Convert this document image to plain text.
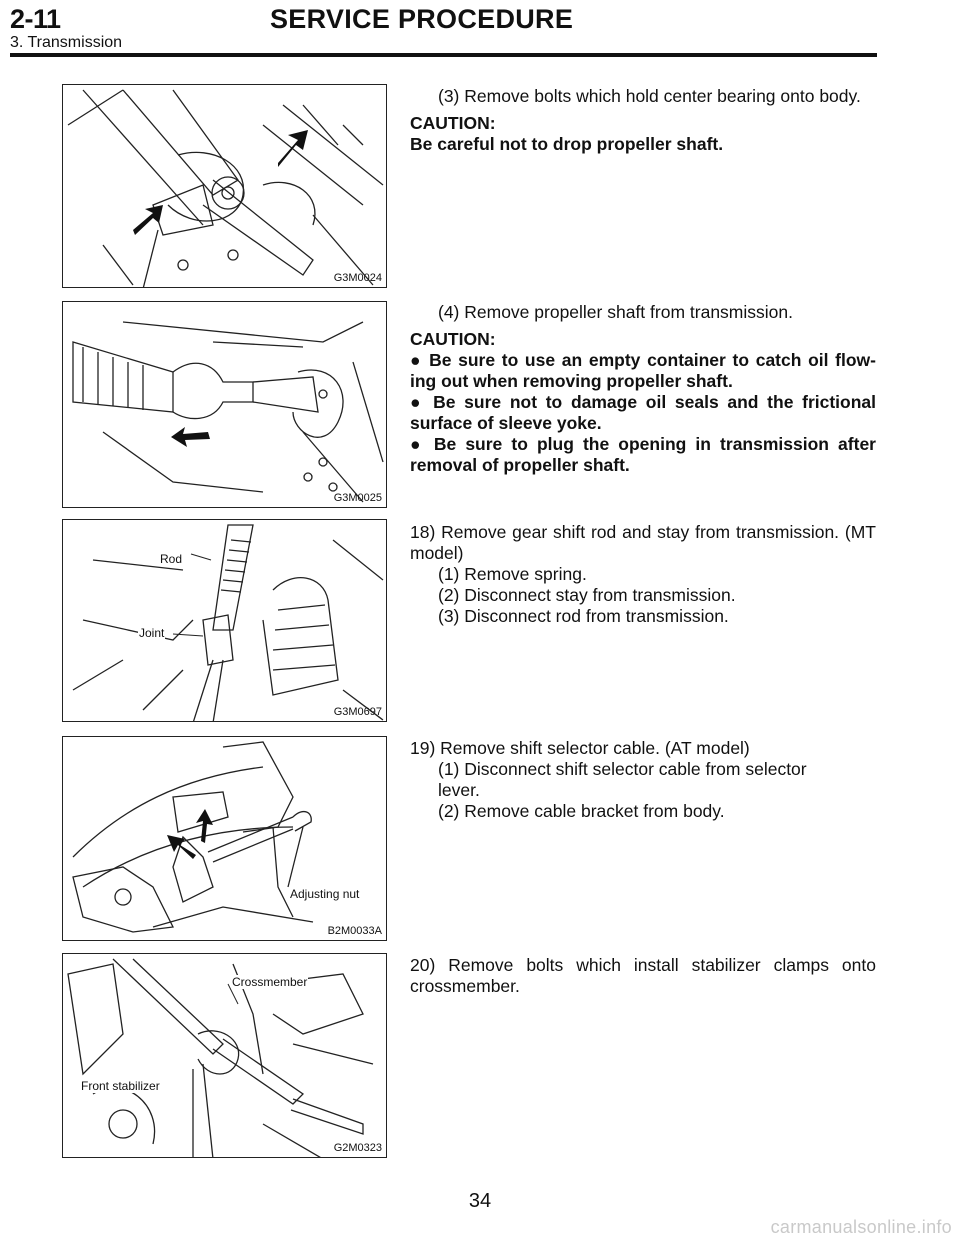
2-11	SERVICE PROCEDURE
3. Transmission
G3M0024
G3M0025
Rod
Joint
G3M0697
Adjusting nut
B2M0033A
Crossmember
Front stabilizer
G2M0323

(3) Remove bolts which hold center bearing onto body.

CAUTION:

Be careful not to drop propeller shaft.

(4) Remove propeller shaft from transmission.

CAUTION:

● Be sure to use an empty container to catch oil flow-ing out when removing propeller shaft.

● Be sure not to damage oil seals and the frictional surface of sleeve yoke.

● Be sure to plug the opening in transmission after removal of propeller shaft.

18) Remove gear shift rod and stay from transmission. (MT model)

(1) Remove spring.

(2) Disconnect stay from transmission.

(3) Disconnect rod from transmission.

19) Remove shift selector cable. (AT model)

(1) Disconnect shift selector cable from selector lever.

(2) Remove cable bracket from body.

20) Remove bolts which install stabilizer clamps onto crossmember.

34
carmanualsonline.info
